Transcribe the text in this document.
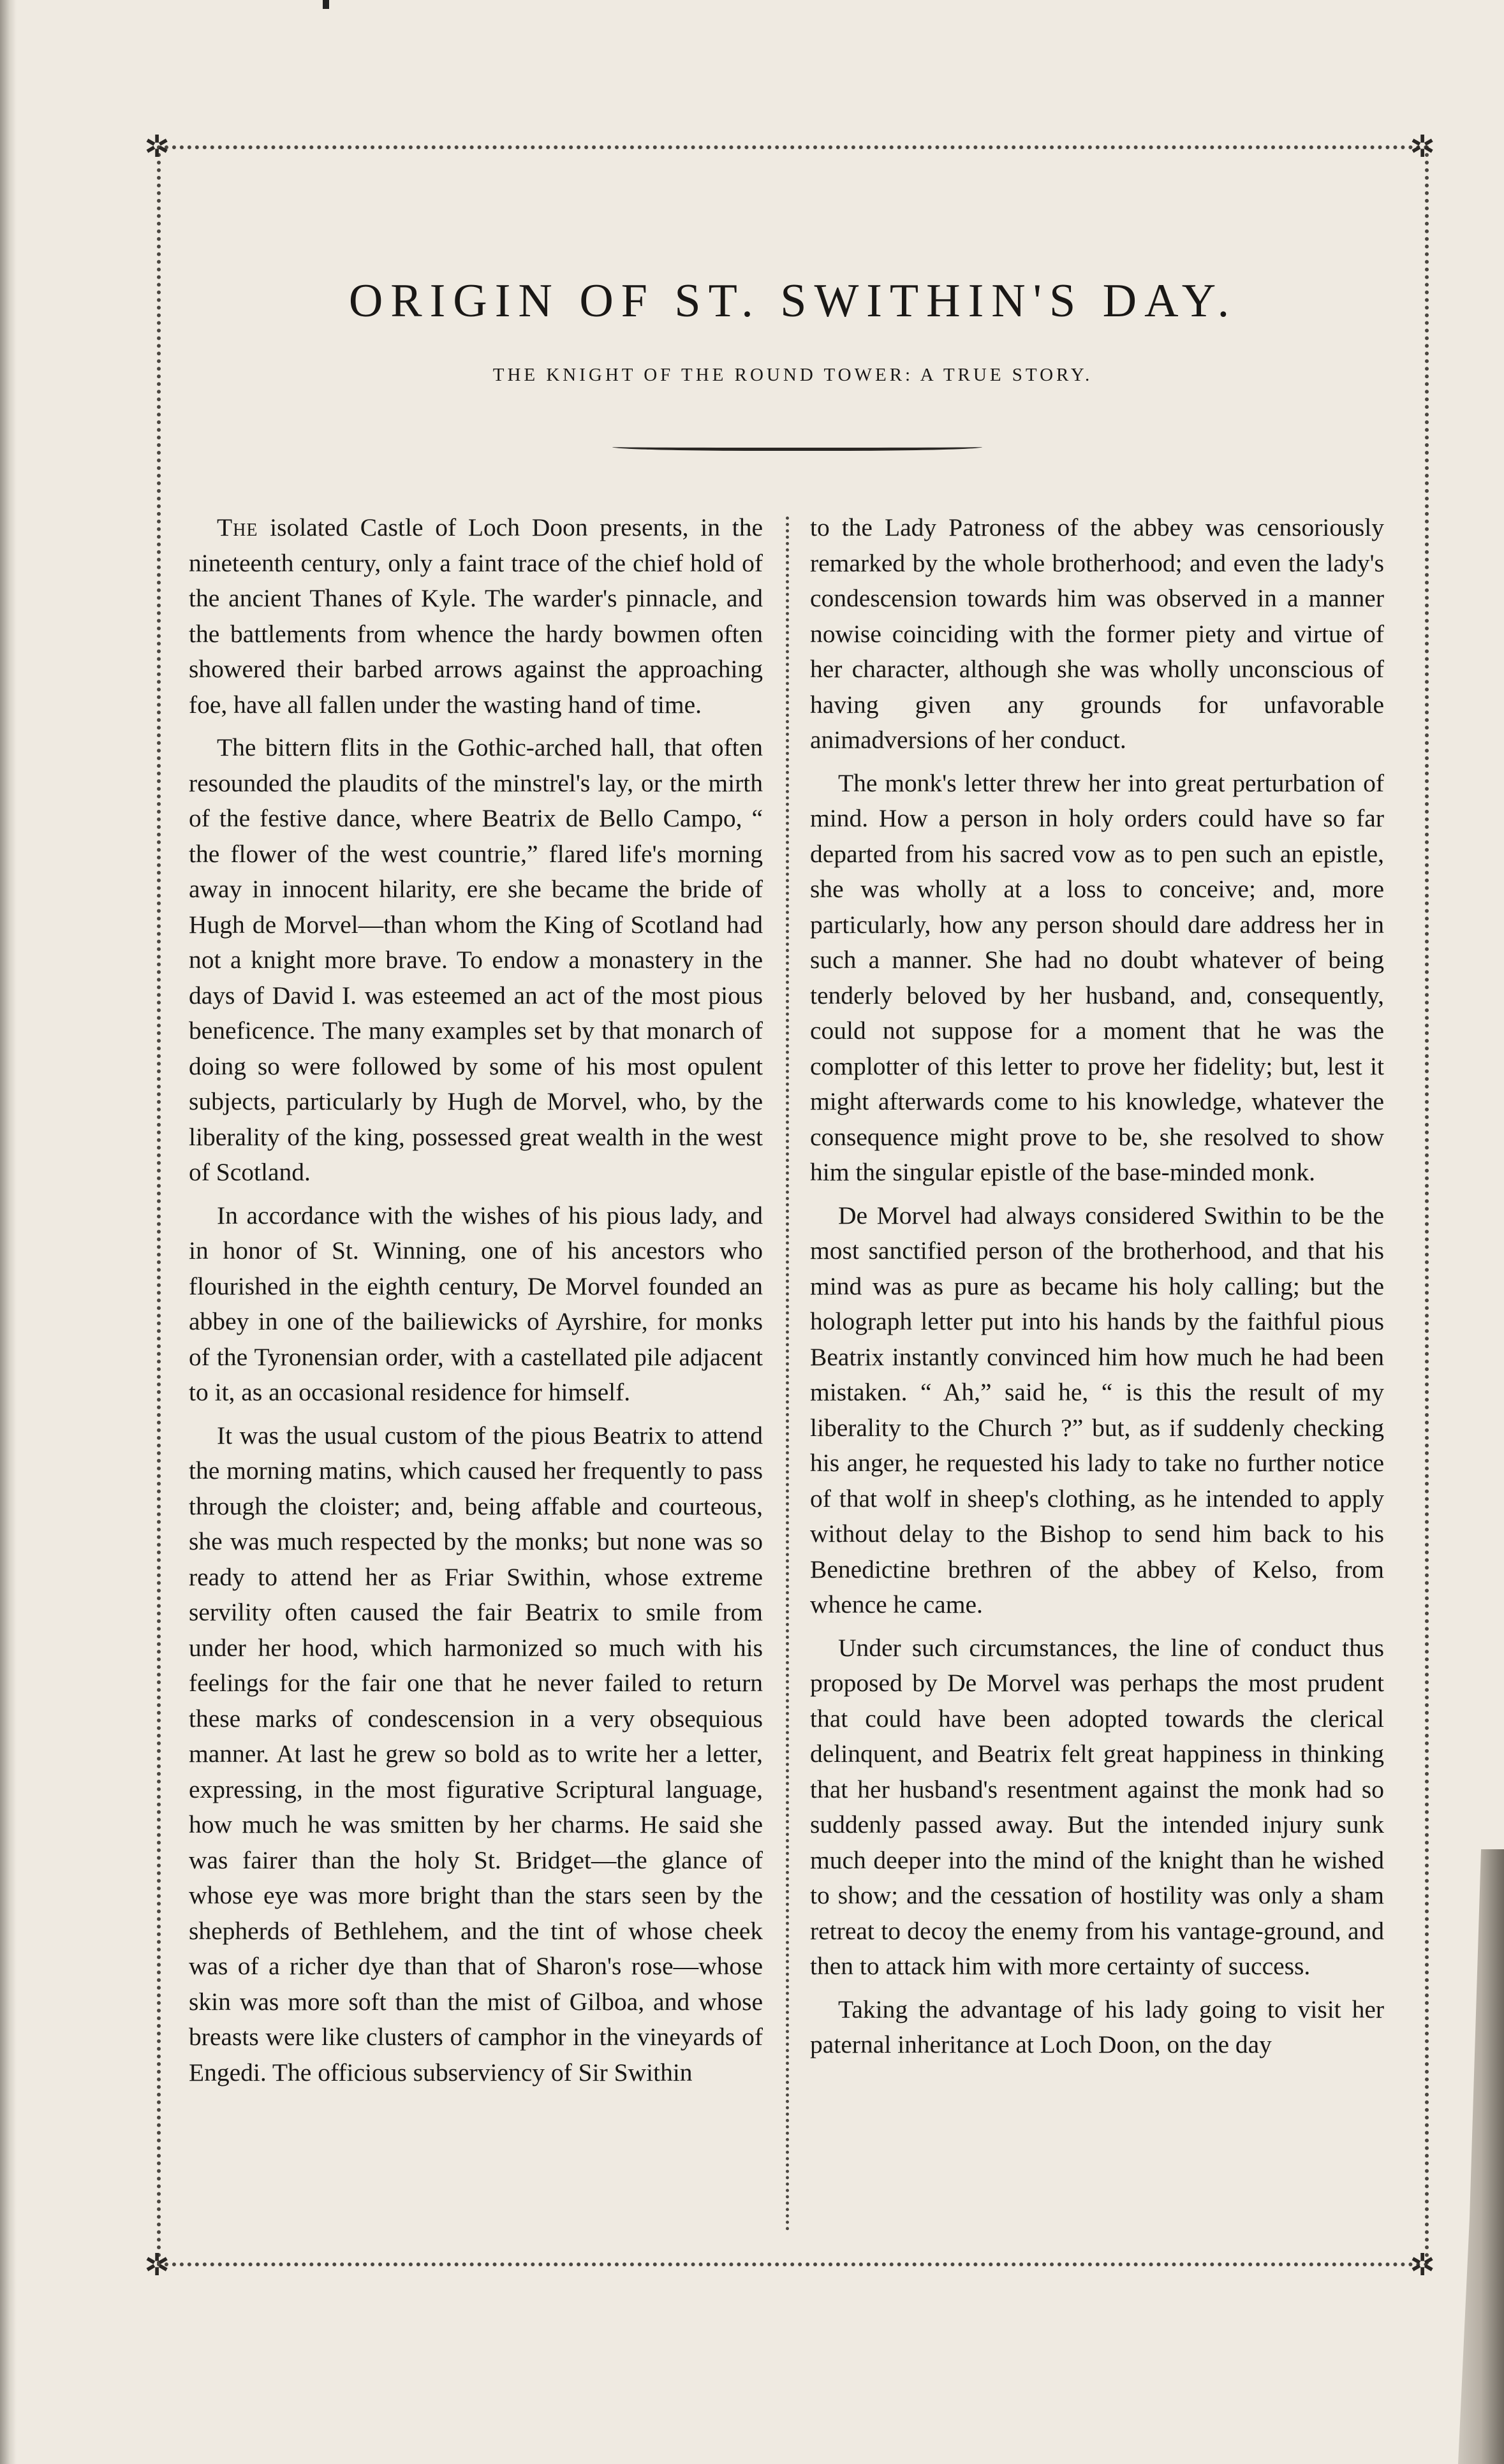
✲	✲
✲	✲
ORIGIN OF ST. SWITHIN'S DAY.
THE KNIGHT OF THE ROUND TOWER: A TRUE STORY.

The isolated Castle of Loch Doon presents, in the nineteenth century, only a faint trace of the chief hold of the ancient Thanes of Kyle. The warder's pinnacle, and the battlements from whence the hardy bowmen often showered their barbed arrows against the approaching foe, have all fallen under the wasting hand of time.

The bittern flits in the Gothic-arched hall, that often resounded the plaudits of the minstrel's lay, or the mirth of the festive dance, where Beatrix de Bello Campo, “ the flower of the west countrie,” flared life's morning away in innocent hilarity, ere she became the bride of Hugh de Morvel—than whom the King of Scotland had not a knight more brave. To endow a monastery in the days of David I. was esteemed an act of the most pious beneficence. The many examples set by that monarch of doing so were followed by some of his most opulent subjects, particularly by Hugh de Morvel, who, by the liberality of the king, possessed great wealth in the west of Scotland.

In accordance with the wishes of his pious lady, and in honor of St. Winning, one of his ancestors who flourished in the eighth century, De Morvel founded an abbey in one of the bailiewicks of Ayrshire, for monks of the Tyronensian order, with a castellated pile adjacent to it, as an occasional residence for himself.

It was the usual custom of the pious Beatrix to attend the morning matins, which caused her frequently to pass through the cloister; and, being affable and courteous, she was much respected by the monks; but none was so ready to attend her as Friar Swithin, whose extreme servility often caused the fair Beatrix to smile from under her hood, which harmonized so much with his feelings for the fair one that he never failed to return these marks of condescension in a very obsequious manner. At last he grew so bold as to write her a letter, expressing, in the most figurative Scriptural language, how much he was smitten by her charms. He said she was fairer than the holy St. Bridget—the glance of whose eye was more bright than the stars seen by the shepherds of Bethlehem, and the tint of whose cheek was of a richer dye than that of Sharon's rose—whose skin was more soft than the mist of Gilboa, and whose breasts were like clusters of camphor in the vineyards of Engedi. The officious subserviency of Sir Swithin

to the Lady Patroness of the abbey was censoriously remarked by the whole brotherhood; and even the lady's condescension towards him was observed in a manner nowise coinciding with the former piety and virtue of her character, although she was wholly unconscious of having given any grounds for unfavorable animadversions of her conduct.

The monk's letter threw her into great perturbation of mind. How a person in holy orders could have so far departed from his sacred vow as to pen such an epistle, she was wholly at a loss to conceive; and, more particularly, how any person should dare address her in such a manner. She had no doubt whatever of being tenderly beloved by her husband, and, consequently, could not suppose for a moment that he was the complotter of this letter to prove her fidelity; but, lest it might afterwards come to his knowledge, whatever the consequence might prove to be, she resolved to show him the singular epistle of the base-minded monk.

De Morvel had always considered Swithin to be the most sanctified person of the brotherhood, and that his mind was as pure as became his holy calling; but the holograph letter put into his hands by the faithful pious Beatrix instantly convinced him how much he had been mistaken. “ Ah,” said he, “ is this the result of my liberality to the Church ?” but, as if suddenly checking his anger, he requested his lady to take no further notice of that wolf in sheep's clothing, as he intended to apply without delay to the Bishop to send him back to his Benedictine brethren of the abbey of Kelso, from whence he came.

Under such circumstances, the line of conduct thus proposed by De Morvel was perhaps the most prudent that could have been adopted towards the clerical delinquent, and Beatrix felt great happiness in thinking that her husband's resentment against the monk had so suddenly passed away. But the intended injury sunk much deeper into the mind of the knight than he wished to show; and the cessation of hostility was only a sham retreat to decoy the enemy from his vantage-ground, and then to attack him with more certainty of success.

Taking the advantage of his lady going to visit her paternal inheritance at Loch Doon, on the day
